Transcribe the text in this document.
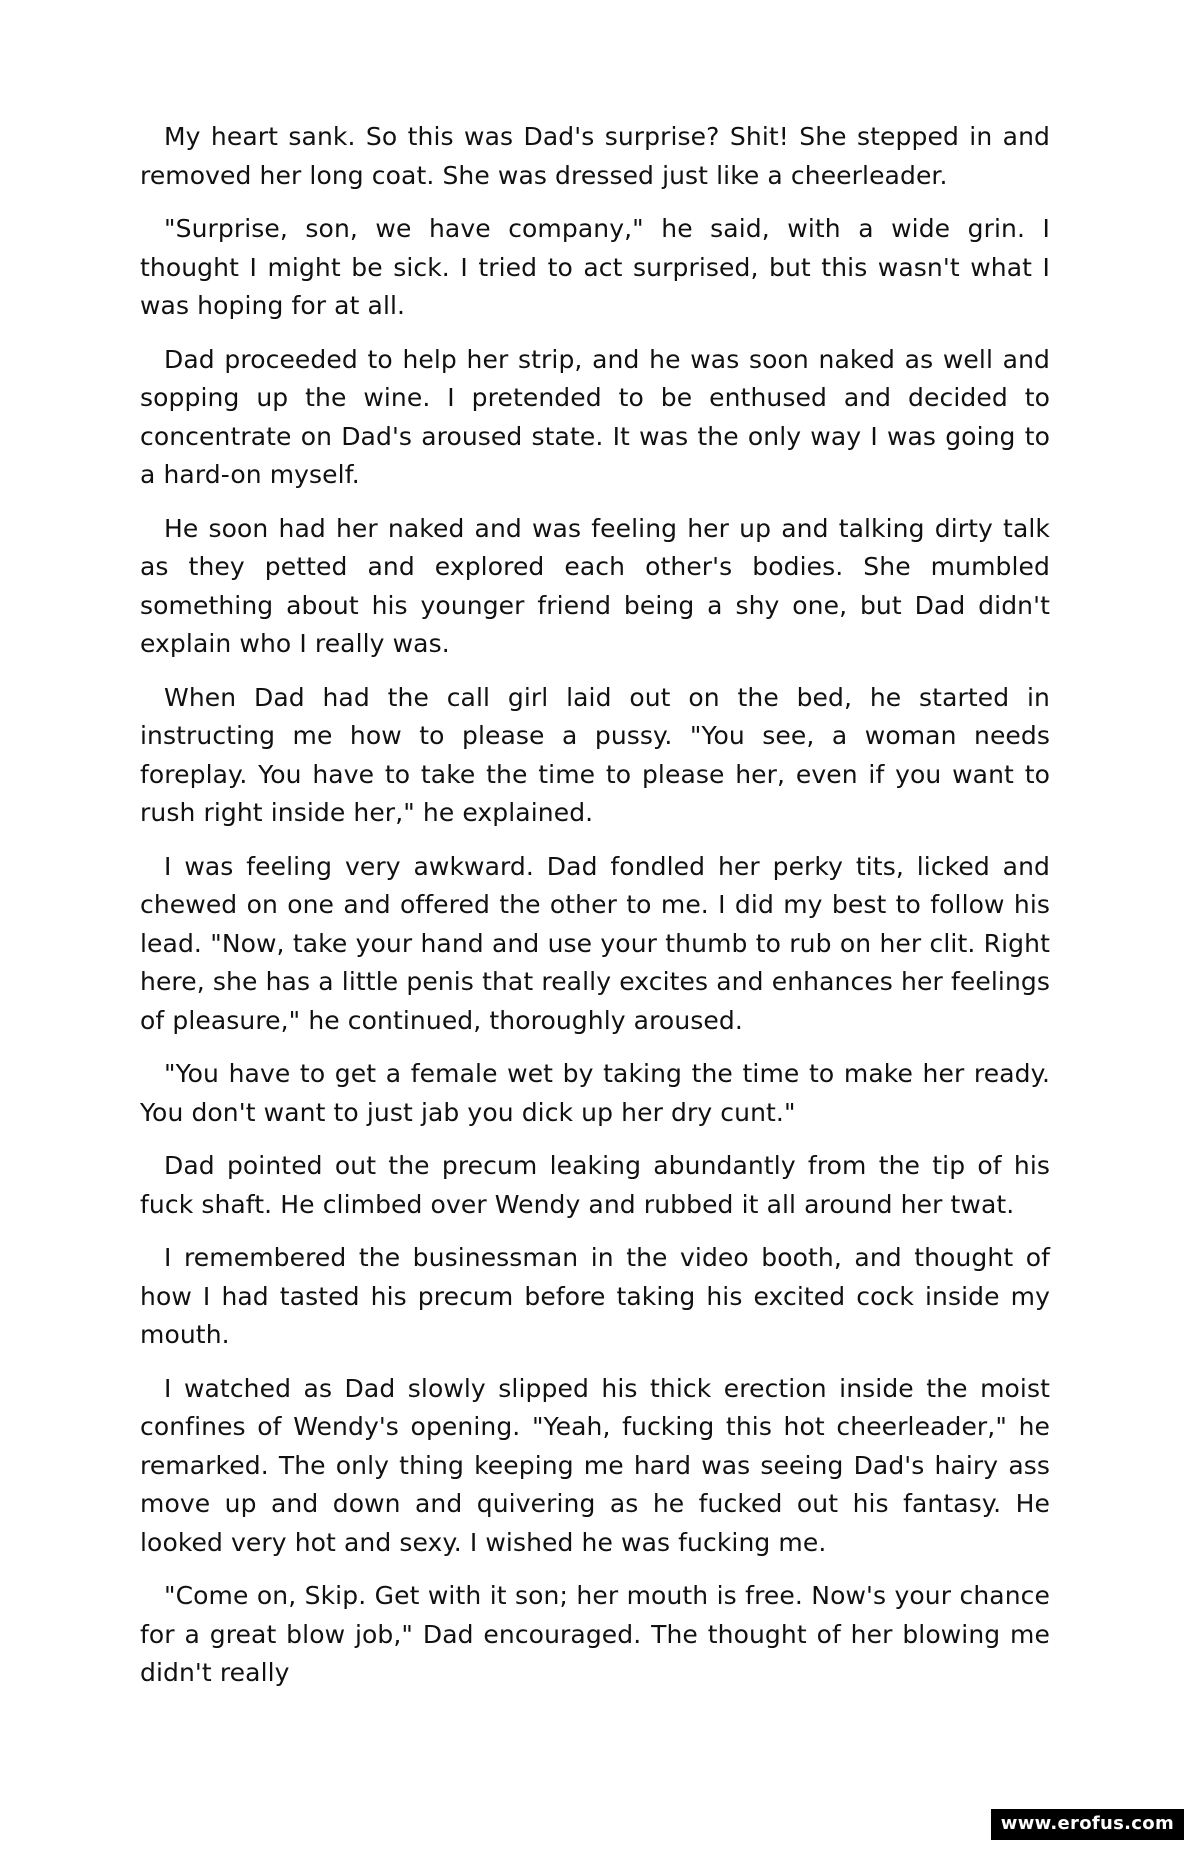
My heart sank. So this was Dad's surprise? Shit! She stepped in and removed her long coat. She was dressed just like a cheerleader.

"Surprise, son, we have company," he said, with a wide grin. I thought I might be sick. I tried to act surprised, but this wasn't what I was hoping for at all.

Dad proceeded to help her strip, and he was soon naked as well and sopping up the wine. I pretended to be enthused and decided to concentrate on Dad's aroused state. It was the only way I was going to a hard-on myself.

He soon had her naked and was feeling her up and talking dirty talk as they petted and explored each other's bodies. She mumbled something about his younger friend being a shy one, but Dad didn't explain who I really was.

When Dad had the call girl laid out on the bed, he started in instructing me how to please a pussy. "You see, a woman needs foreplay. You have to take the time to please her, even if you want to rush right inside her," he explained.

I was feeling very awkward. Dad fondled her perky tits, licked and chewed on one and offered the other to me. I did my best to follow his lead. "Now, take your hand and use your thumb to rub on her clit. Right here, she has a little penis that really excites and enhances her feelings of pleasure," he continued, thoroughly aroused.

"You have to get a female wet by taking the time to make her ready. You don't want to just jab you dick up her dry cunt."

Dad pointed out the precum leaking abundantly from the tip of his fuck shaft. He climbed over Wendy and rubbed it all around her twat.

I remembered the businessman in the video booth, and thought of how I had tasted his precum before taking his excited cock inside my mouth.

I watched as Dad slowly slipped his thick erection inside the moist confines of Wendy's opening. "Yeah, fucking this hot cheerleader," he remarked. The only thing keeping me hard was seeing Dad's hairy ass move up and down and quivering as he fucked out his fantasy. He looked very hot and sexy. I wished he was fucking me.

"Come on, Skip. Get with it son; her mouth is free. Now's your chance for a great blow job," Dad encouraged. The thought of her blowing me didn't really

www.erofus.com
